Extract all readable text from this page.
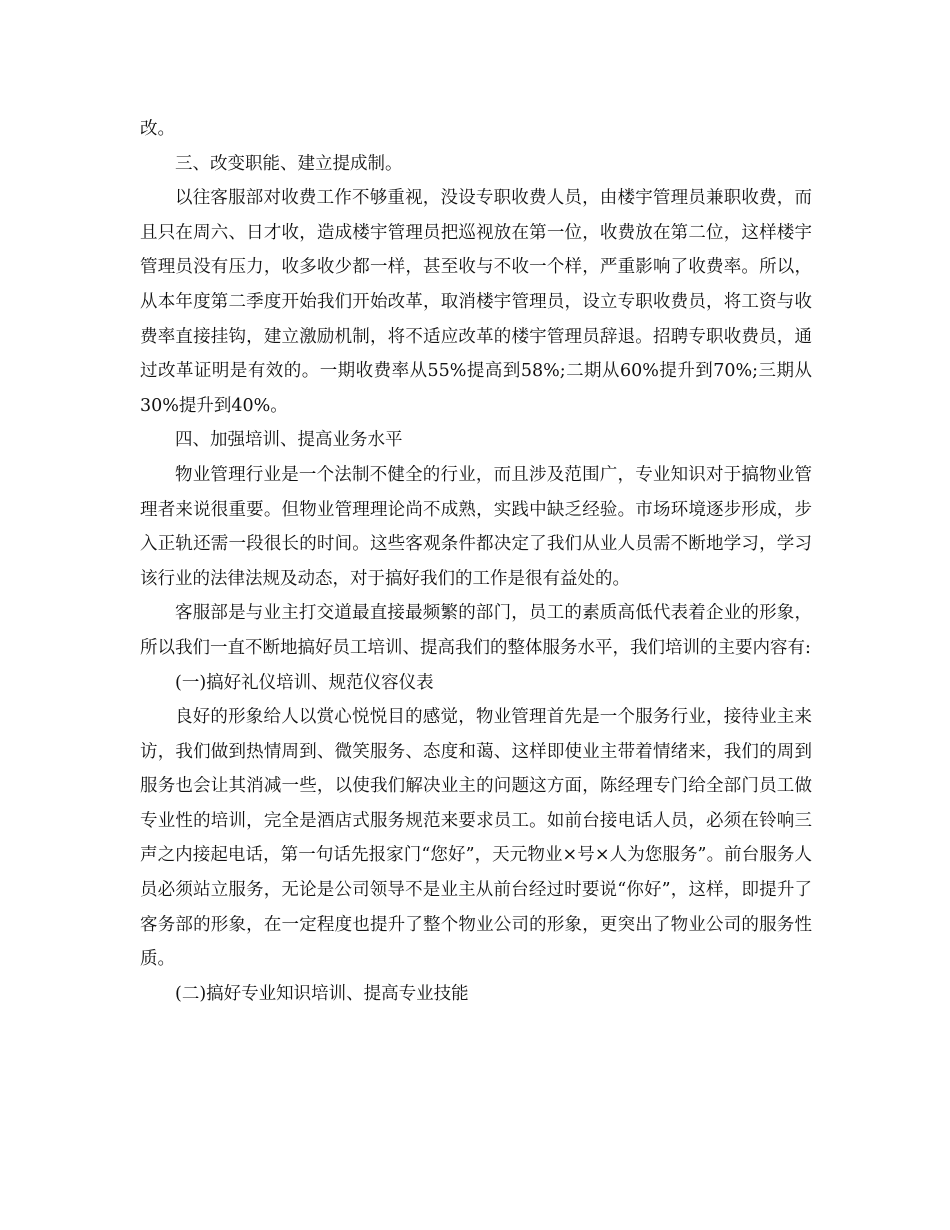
改。

三、改变职能、建立提成制。

以往客服部对收费工作不够重视，没设专职收费人员，由楼宇管理员兼职收费，而且只在周六、日才收，造成楼宇管理员把巡视放在第一位，收费放在第二位，这样楼宇管理员没有压力，收多收少都一样，甚至收与不收一个样，严重影响了收费率。所以，从本年度第二季度开始我们开始改革，取消楼宇管理员，设立专职收费员，将工资与收费率直接挂钩，建立激励机制，将不适应改革的楼宇管理员辞退。招聘专职收费员，通过改革证明是有效的。一期收费率从55%提高到58%;二期从60%提升到70%;三期从30%提升到40%。

四、加强培训、提高业务水平

物业管理行业是一个法制不健全的行业，而且涉及范围广，专业知识对于搞物业管理者来说很重要。但物业管理理论尚不成熟，实践中缺乏经验。市场环境逐步形成，步入正轨还需一段很长的时间。这些客观条件都决定了我们从业人员需不断地学习，学习该行业的法律法规及动态，对于搞好我们的工作是很有益处的。

客服部是与业主打交道最直接最频繁的部门，员工的素质高低代表着企业的形象，所以我们一直不断地搞好员工培训、提高我们的整体服务水平，我们培训的主要内容有:

(一)搞好礼仪培训、规范仪容仪表

良好的形象给人以赏心悦悦目的感觉，物业管理首先是一个服务行业，接待业主来访，我们做到热情周到、微笑服务、态度和蔼、这样即使业主带着情绪来，我们的周到服务也会让其消减一些，以使我们解决业主的问题这方面，陈经理专门给全部门员工做专业性的培训，完全是酒店式服务规范来要求员工。如前台接电话人员，必须在铃响三声之内接起电话，第一句话先报家门“您好”，天元物业×号×人为您服务”。前台服务人员必须站立服务，无论是公司领导不是业主从前台经过时要说“你好”，这样，即提升了客务部的形象，在一定程度也提升了整个物业公司的形象，更突出了物业公司的服务性质。

(二)搞好专业知识培训、提高专业技能
